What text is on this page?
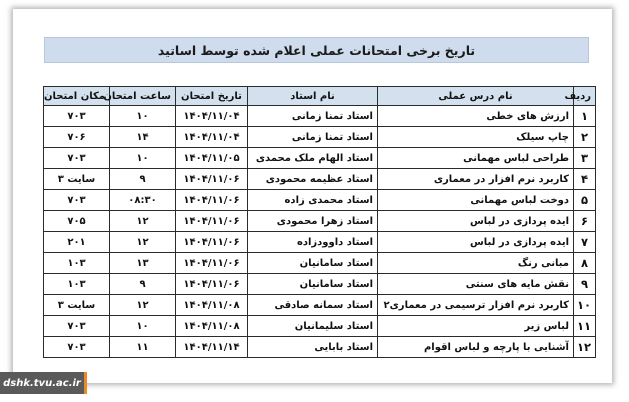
تاریخ برخی امتحانات عملی اعلام شده توسط اساتید
ردیف	نام درس عملی	نام استاد	تاریخ امتحان	ساعت امتحان	مکان امتحان
۱	ارزش های خطی	استاد تمنا زمانی	۱۴۰۴/۱۱/۰۴	۱۰	۷۰۳
۲	چاپ سیلک	استاد تمنا زمانی	۱۴۰۴/۱۱/۰۴	۱۴	۷۰۶
۳	طراحی لباس مهمانی	استاد الهام ملک محمدی	۱۴۰۴/۱۱/۰۵	۱۰	۷۰۳
۴	کاربرد نرم افزار در معماری	استاد عظیمه محمودی	۱۴۰۴/۱۱/۰۶	۹	سایت ۳
۵	دوخت لباس مهمانی	استاد محمدی زاده	۱۴۰۴/۱۱/۰۶	۰۸:۳۰	۷۰۳
۶	ایده پردازی در لباس	استاد زهرا محمودی	۱۴۰۴/۱۱/۰۶	۱۲	۷۰۵
۷	ایده پردازی در لباس	استاد داوودزاده	۱۴۰۴/۱۱/۰۶	۱۲	۲۰۱
۸	مبانی رنگ	استاد سامانیان	۱۴۰۴/۱۱/۰۶	۱۳	۱۰۳
۹	نقش مایه های سنتی	استاد سامانیان	۱۴۰۴/۱۱/۰۶	۹	۱۰۳
۱۰	کاربرد نرم افزار ترسیمی در معماری۲	استاد سمانه صادقی	۱۴۰۴/۱۱/۰۸	۱۲	سایت ۳
۱۱	لباس زیر	استاد سلیمانیان	۱۴۰۴/۱۱/۰۸	۱۰	۷۰۳
۱۲	آشنایی با پارچه و لباس اقوام	استاد بابایی	۱۴۰۴/۱۱/۱۴	۱۱	۷۰۳
dshk.tvu.ac.ir
